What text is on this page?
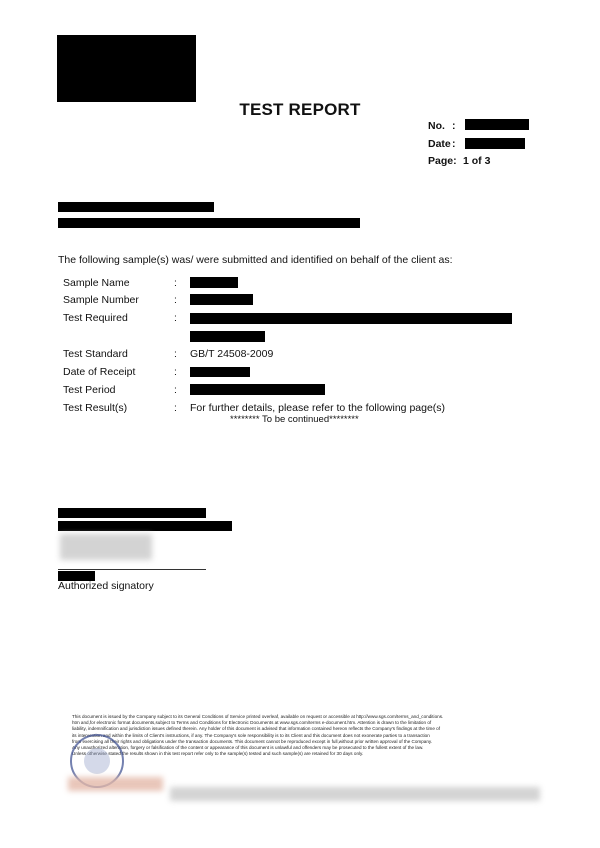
TEST REPORT
No. :
Date :
Page: 1 of 3
The following sample(s) was/ were submitted and identified on behalf of the client as:
Sample Name	:
Sample Number	:
Test Required	:
Test Standard	: GB/T 24508-2009
Date of Receipt	:
Test Period	:
Test Result(s)	: For further details, please refer to the following page(s)
******** To be continued********
Authorized signatory

This document is issued by the Company subject to its General Conditions of Service printed overleaf, available on request or accessible at http://www.sgs.com/terms_and_conditions.

htm and,for electronic format documents,subject to Terms and Conditions for Electronic Documents at www.sgs.com/terms e-document.htm. Attention is drawn to the limitation of

liability, indemnification and jurisdiction issues defined therein. Any holder of this document is advised that information contained hereon reflects the Company's findings at the time of

its intervention and within the limits of Client's instructions, if any. The Company's sole responsibility is to its Client and this document does not exonerate parties to a transaction

from exercising all their rights and obligations under the transaction documents. This document cannot be reproduced except in full,without prior written approval of the Company.

Any unauthorized alteration, forgery or falsification of the content or appearance of this document is unlawful and offenders may be prosecuted to the fullest extent of the law.

Unless otherwise stated the results shown in this test report refer only to the sample(s) tested and such sample(s) are retained for 30 days only.
